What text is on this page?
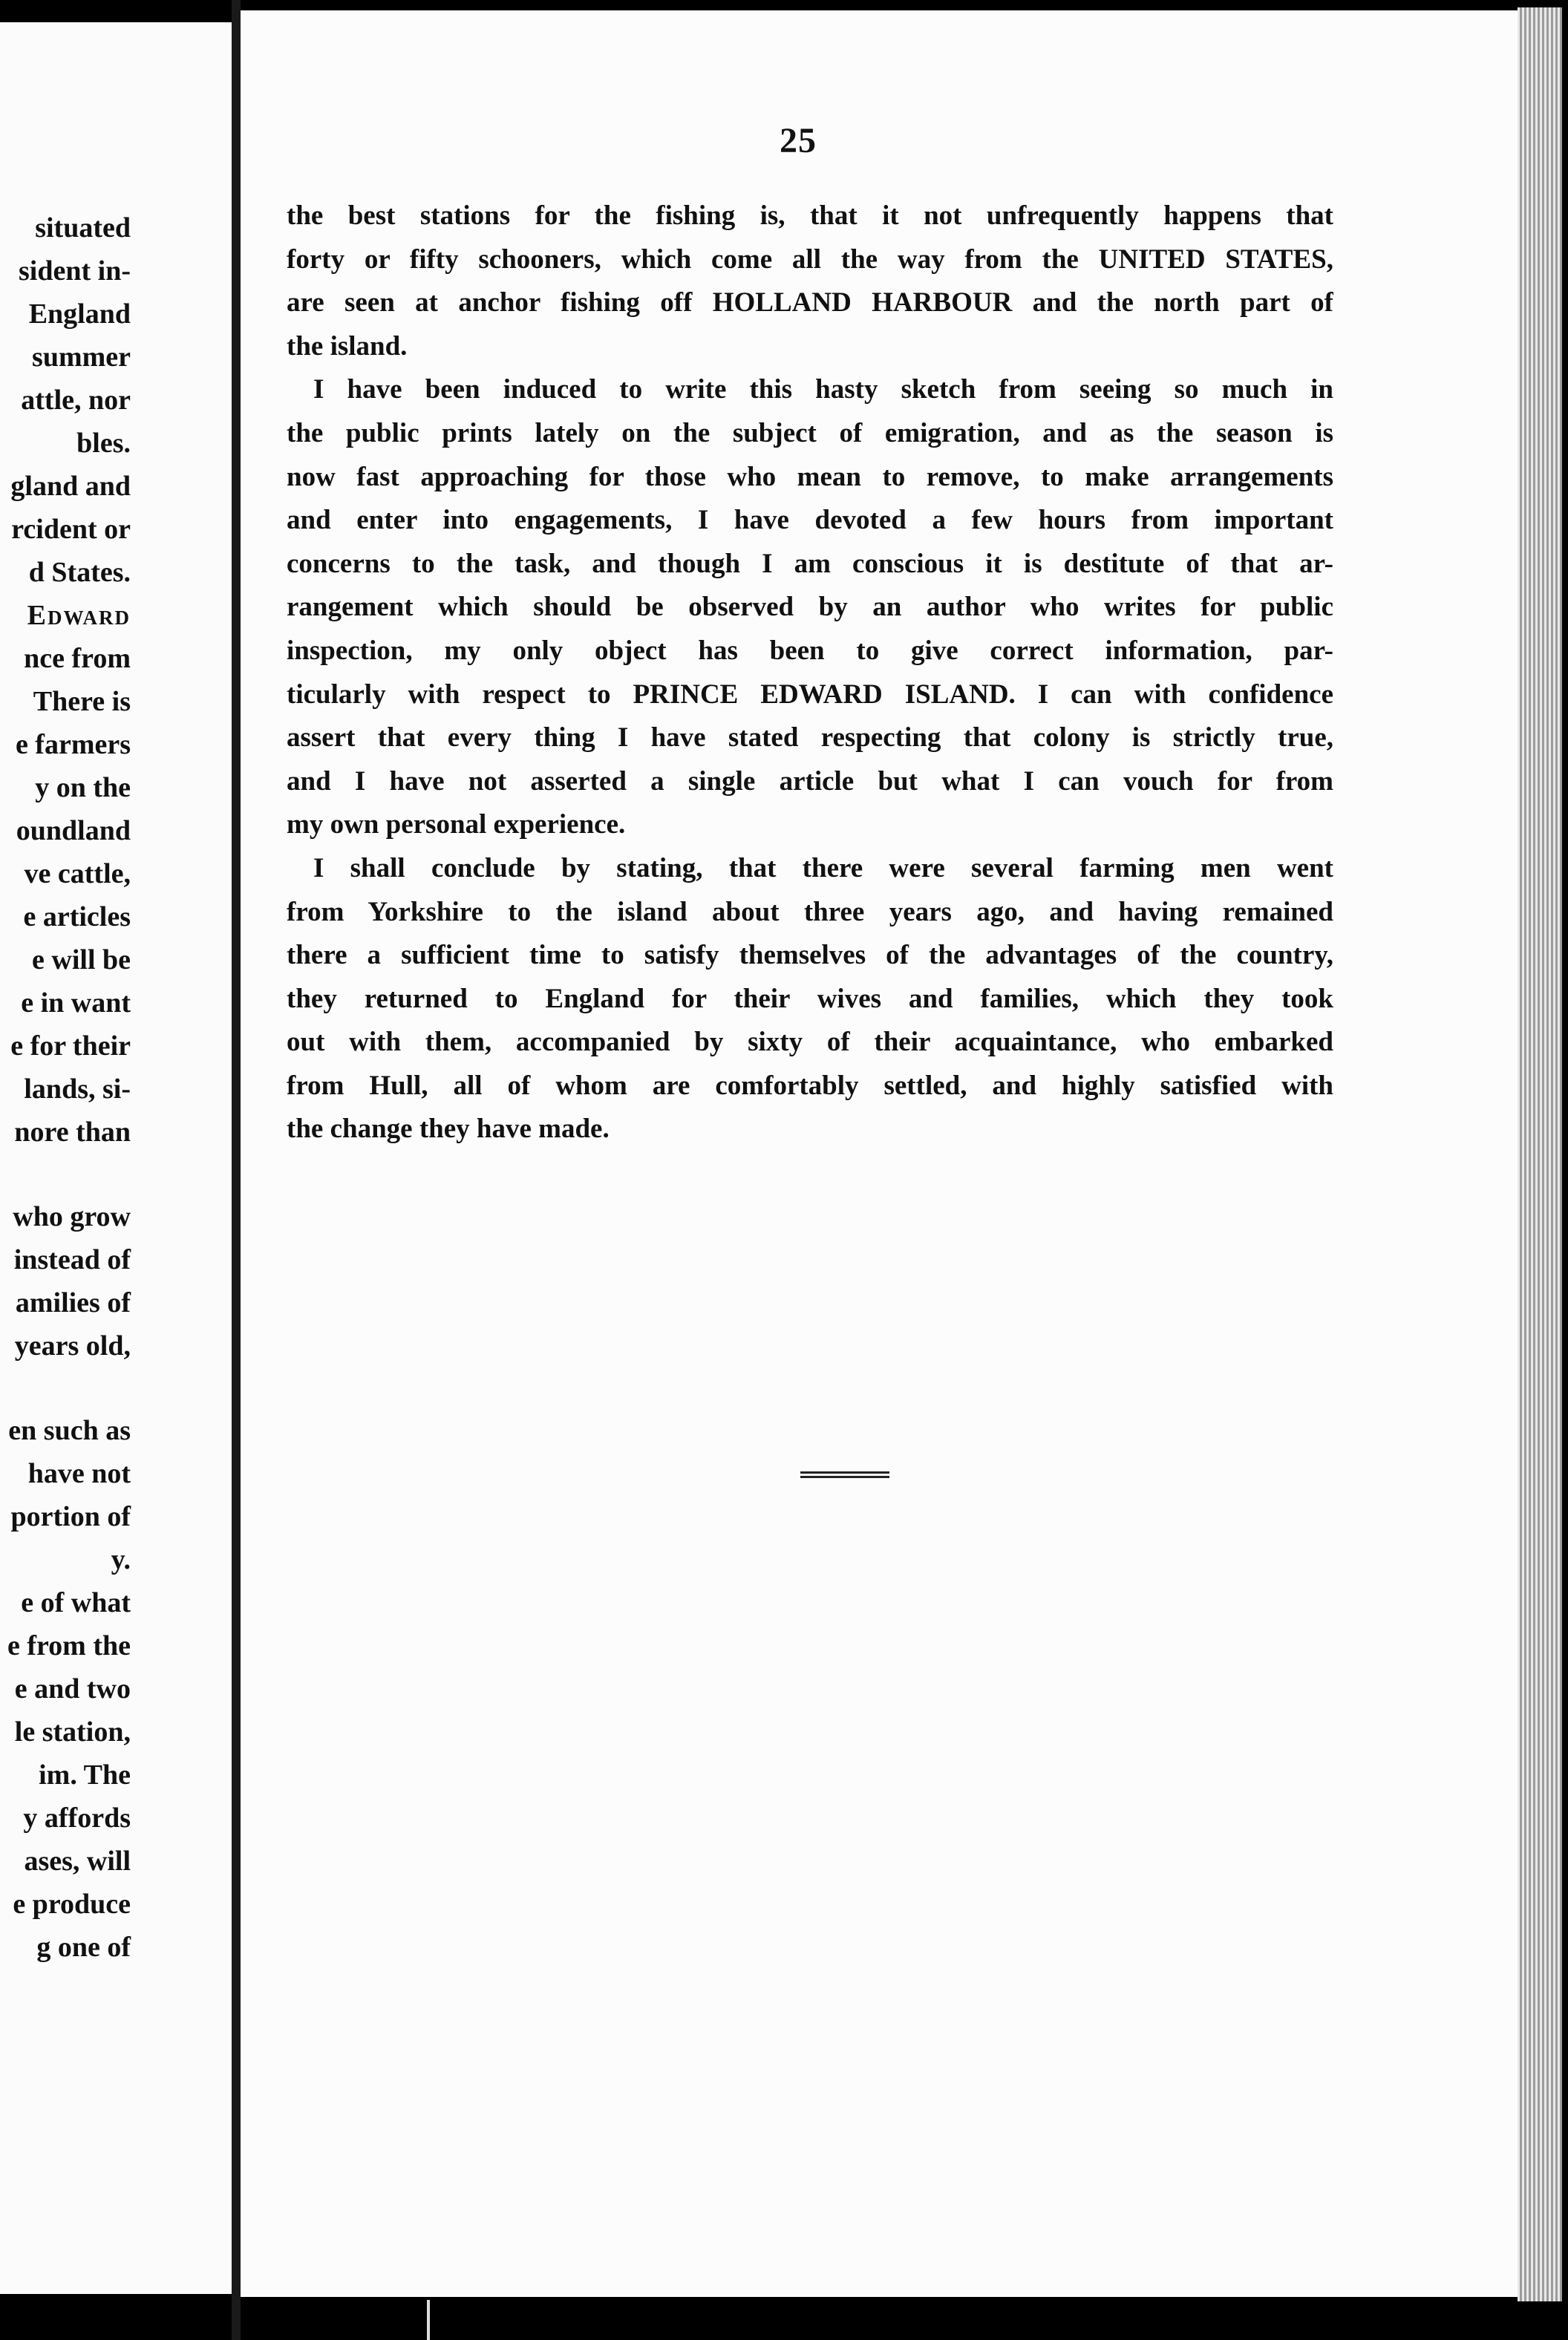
situated
sident in-
England
summer
attle, nor
bles.
gland and
rcident or
d States.
Edward
nce from
There is
e farmers
y on the
oundland
ve cattle,
e articles
e will be
e in want
e for their
lands, si-
nore than
who grow
instead of
amilies of
years old,
en such as
have not
portion of
y.
e of what
e from the
e and two
le station,
im. The
y affords
ases, will
e produce
g one of
25
the best stations for the fishing is, that it not unfrequently happens that
forty or fifty schooners, which come all the way from the UNITED STATES,
are seen at anchor fishing off HOLLAND HARBOUR and the north part of
the island.
I have been induced to write this hasty sketch from seeing so much in
the public prints lately on the subject of emigration, and as the season is
now fast approaching for those who mean to remove, to make arrangements
and enter into engagements, I have devoted a few hours from important
concerns to the task, and though I am conscious it is destitute of that ar-
rangement which should be observed by an author who writes for public
inspection, my only object has been to give correct information, par-
ticularly with respect to PRINCE EDWARD ISLAND. I can with confidence
assert that every thing I have stated respecting that colony is strictly true,
and I have not asserted a single article but what I can vouch for from
my own personal experience.
I shall conclude by stating, that there were several farming men went
from Yorkshire to the island about three years ago, and having remained
there a sufficient time to satisfy themselves of the advantages of the country,
they returned to England for their wives and families, which they took
out with them, accompanied by sixty of their acquaintance, who embarked
from Hull, all of whom are comfortably settled, and highly satisfied with
the change they have made.
